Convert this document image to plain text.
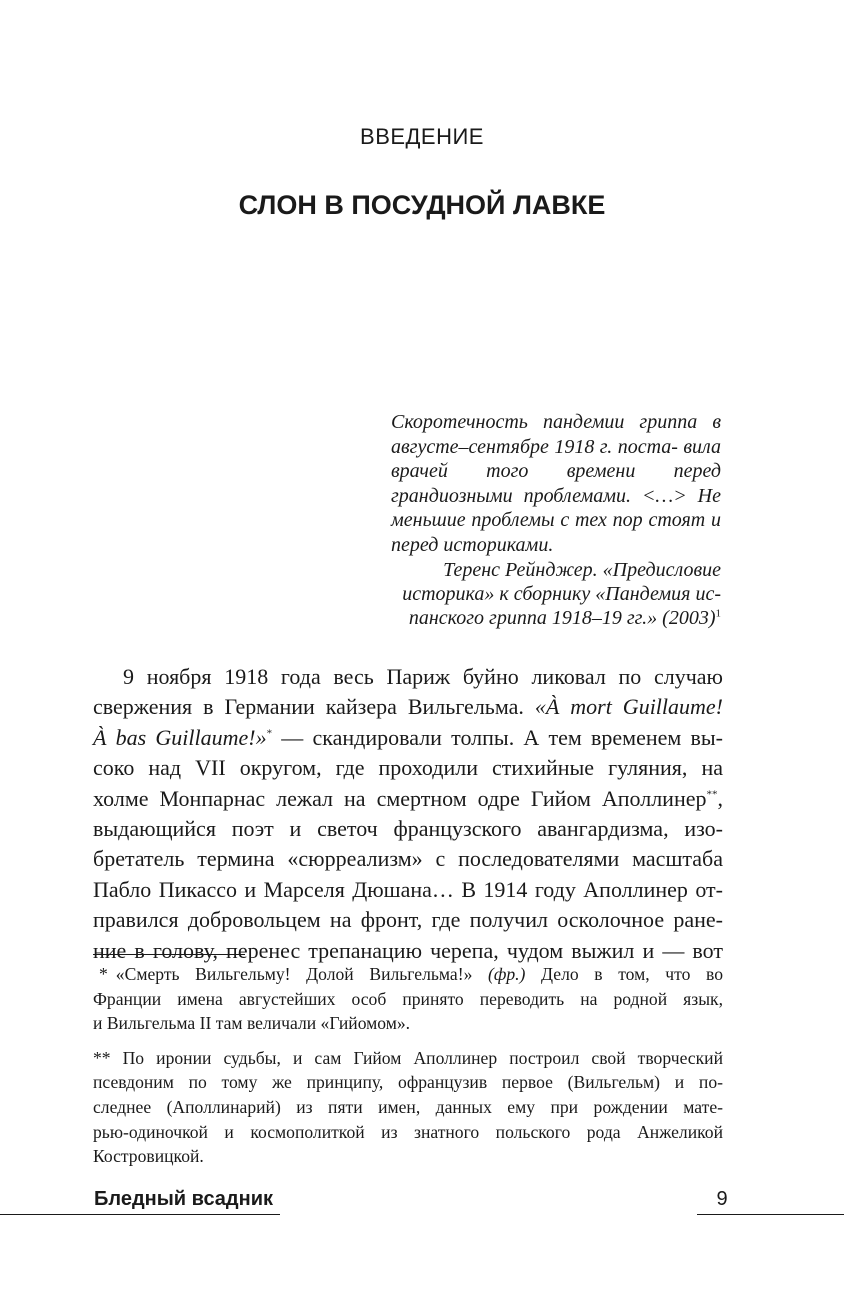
ВВЕДЕНИЕ
СЛОН В ПОСУДНОЙ ЛАВКЕ

Скоротечность пандемии гриппа в августе–сентябре 1918 г. поста- вила врачей того времени перед грандиозными проблемами. <…> Не меньшие проблемы с тех пор стоят и перед историками.

Теренс Рейнджер. «Предисловие
историка» к сборнику «Пандемия ис-
панского гриппа 1918–19 гг.» $(2003)^1$
9 ноября 1918 года весь Париж буйно ликовал по случаю
свержения в Германии кайзера Вильгельма. «À mort Guillaume!
À bas Guillaume!»* — скандировали толпы. А тем временем вы-
соко над VII округом, где проходили стихийные гуляния, на
холме Монпарнас лежал на смертном одре Гийом Аполлинер**,
выдающийся поэт и светоч французского авангардизма, изо-
бретатель термина «сюрреализм» с последователями масштаба
Пабло Пикассо и Марселя Дюшана… В 1914 году Аполлинер от-
правился добровольцем на фронт, где получил осколочное ране-
ние в голову, перенес трепанацию черепа, чудом выжил и — вот
* «Смерть Вильгельму! Долой Вильгельма!» (фр.) Дело в том, что во
Франции имена августейших особ принято переводить на родной язык,
и Вильгельма II там величали «Гийомом».
** По иронии судьбы, и сам Гийом Аполлинер построил свой творческий
псевдоним по тому же принципу, офранцузив первое (Вильгельм) и по-
следнее (Аполлинарий) из пяти имен, данных ему при рождении мате-
рью-одиночкой и космополиткой из знатного польского рода Анжеликой
Костровицкой.
Бледный всадник	9
